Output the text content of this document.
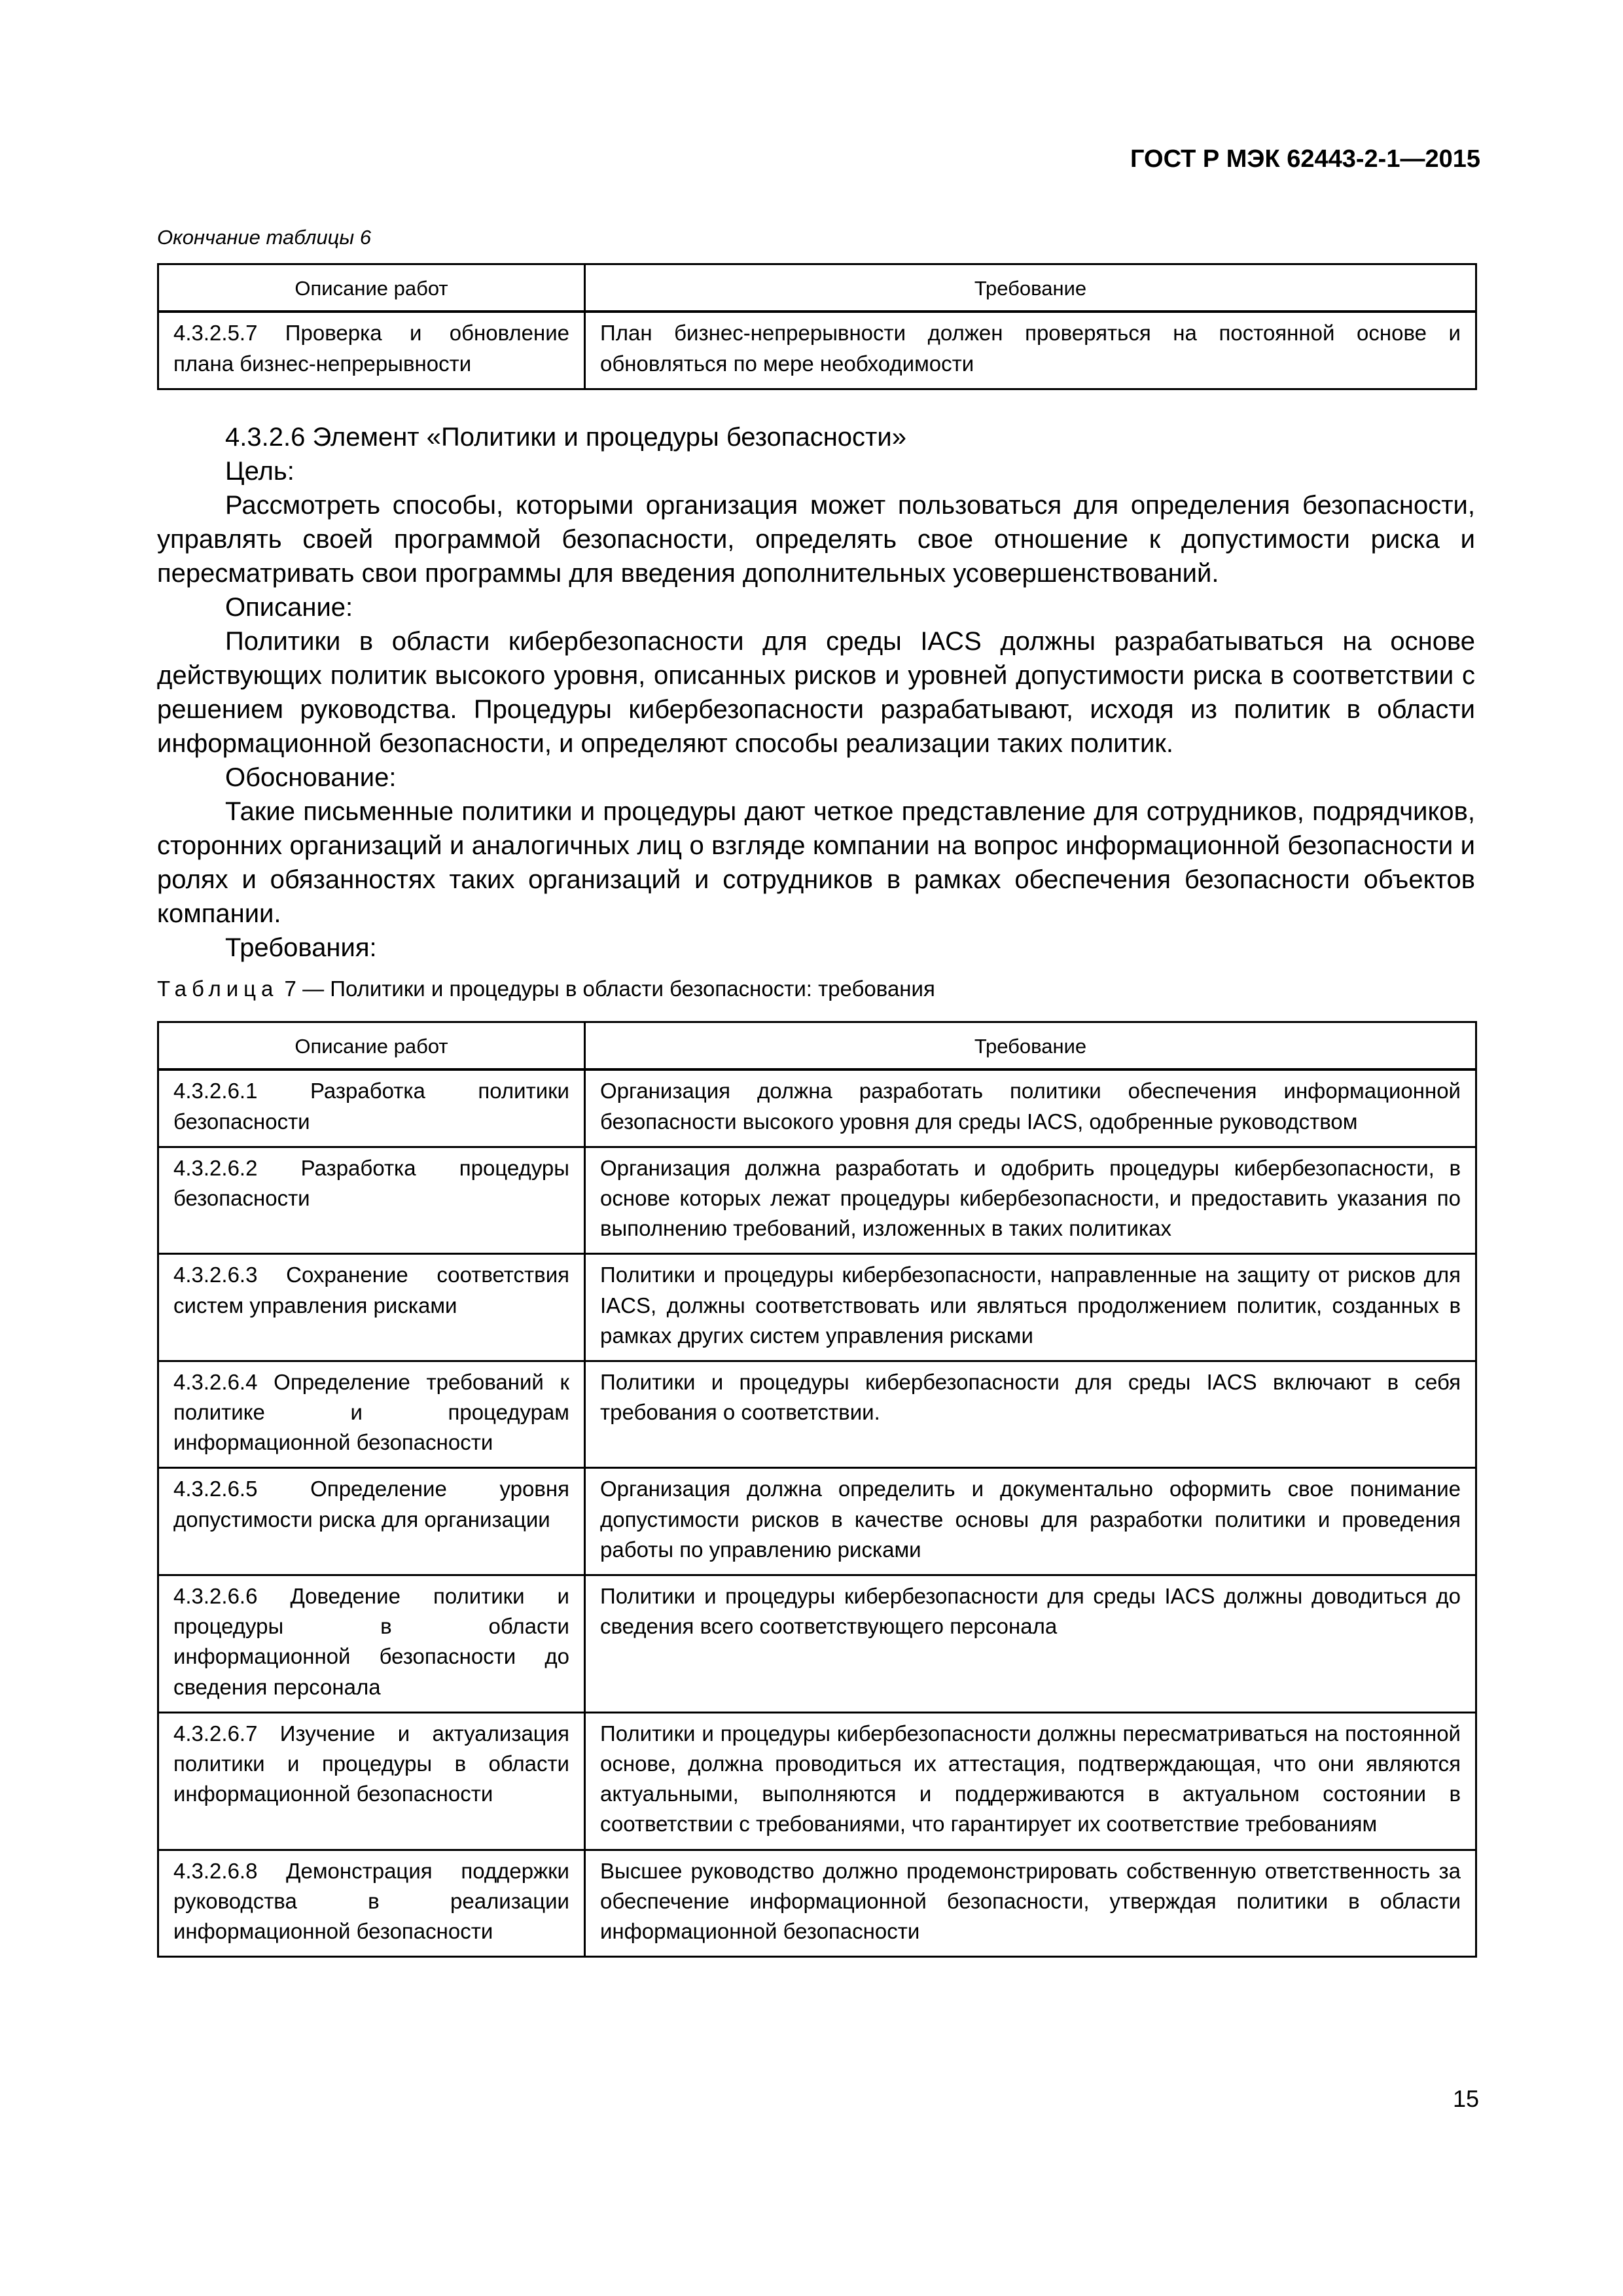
ГОСТ Р МЭК 62443-2-1—2015
Окончание таблицы 6
Описание работ	Требование
4.3.2.5.7 Проверка и обновление плана бизнес-непрерывности	План бизнес-непрерывности должен проверяться на постоянной основе и обновляться по мере необходимости

4.3.2.6 Элемент «Политики и процедуры безопасности»

Цель:

Рассмотреть способы, которыми организация может пользоваться для определения безопасности, управлять своей программой безопасности, определять свое отношение к допустимости риска и пересматривать свои программы для введения дополнительных усовершенствований.

Описание:

Политики в области кибербезопасности для среды IACS должны разрабатываться на основе действующих политик высокого уровня, описанных рисков и уровней допустимости риска в соответствии с решением руководства. Процедуры кибербезопасности разрабатывают, исходя из политик в области информационной безопасности, и определяют способы реализации таких политик.

Обоснование:

Такие письменные политики и процедуры дают четкое представление для сотрудников, подрядчиков, сторонних организаций и аналогичных лиц о взгляде компании на вопрос информационной безопасности и ролях и обязанностях таких организаций и сотрудников в рамках обеспечения безопасности объектов компании.

Требования:

Таблица 7 — Политики и процедуры в области безопасности: требования
Описание работ	Требование
4.3.2.6.1 Разработка политики безопасности	Организация должна разработать политики обеспечения информационной безопасности высокого уровня для среды IACS, одобренные руководством
4.3.2.6.2 Разработка процедуры безопасности	Организация должна разработать и одобрить процедуры кибербезопасности, в основе которых лежат процедуры кибербезопасности, и предоставить указания по выполнению требований, изложенных в таких политиках
4.3.2.6.3 Сохранение соответствия систем управления рисками	Политики и процедуры кибербезопасности, направленные на защиту от рисков для IACS, должны соответствовать или являться продолжением политик, созданных в рамках других систем управления рисками
4.3.2.6.4 Определение требований к политике и процедурам информационной безопасности	Политики и процедуры кибербезопасности для среды IACS включают в себя требования о соответствии.
4.3.2.6.5 Определение уровня допустимости риска для организации	Организация должна определить и документально оформить свое понимание допустимости рисков в качестве основы для разработки политики и проведения работы по управлению рисками
4.3.2.6.6 Доведение политики и процедуры в области информационной безопасности до сведения персонала	Политики и процедуры кибербезопасности для среды IACS должны доводиться до сведения всего соответствующего персонала
4.3.2.6.7 Изучение и актуализация политики и процедуры в области информационной безопасности	Политики и процедуры кибербезопасности должны пересматриваться на постоянной основе, должна проводиться их аттестация, подтверждающая, что они являются актуальными, выполняются и поддерживаются в актуальном состоянии в соответствии с требованиями, что гарантирует их соответствие требованиям
4.3.2.6.8 Демонстрация поддержки руководства в реализации информационной безопасности	Высшее руководство должно продемонстрировать собственную ответственность за обеспечение информационной безопасности, утверждая политики в области информационной безопасности
15
